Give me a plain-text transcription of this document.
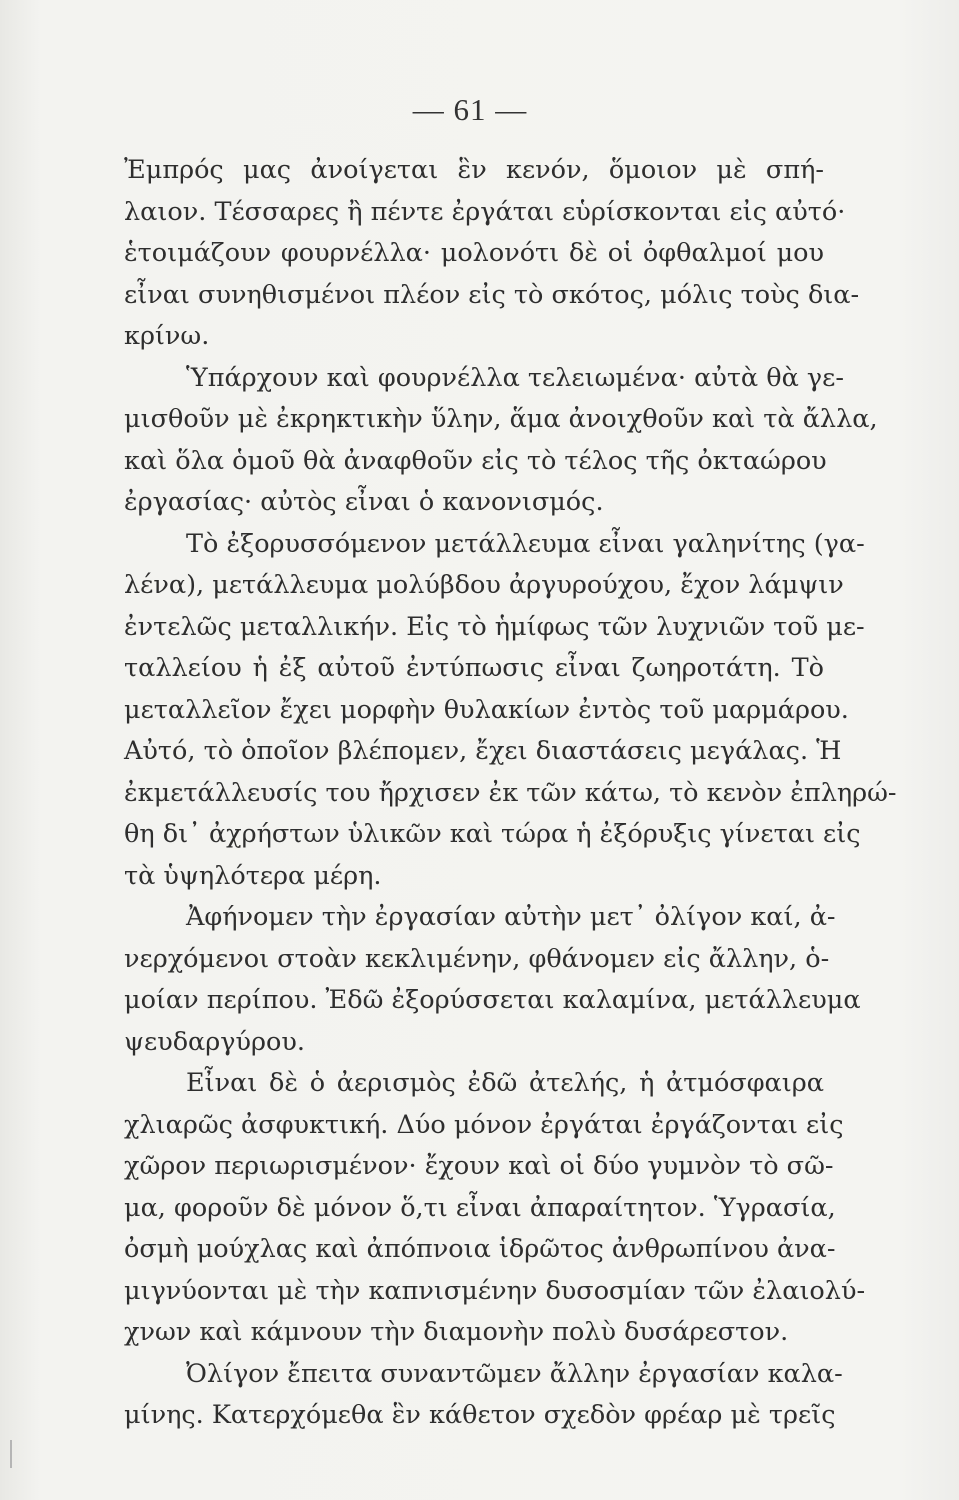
— 61 —
Ἐμπρός μας ἀνοίγεται ἓν κενόν, ὅμοιον μὲ σπή-
λαιον. Τέσσαρες ἢ πέντε ἐργάται εὑρίσκονται εἰς αὐτό·
ἑτοιμάζουν φουρνέλλα· μολονότι δὲ οἱ ὀφθαλμοί μου
εἶναι συνηθισμένοι πλέον εἰς τὸ σκότος, μόλις τοὺς δια-
κρίνω.
Ὑπάρχουν καὶ φουρνέλλα τελειωμένα· αὐτὰ θὰ γε-
μισθοῦν μὲ ἐκρηκτικὴν ὕλην, ἅμα ἀνοιχθοῦν καὶ τὰ ἄλλα,
καὶ ὅλα ὁμοῦ θὰ ἀναφθοῦν εἰς τὸ τέλος τῆς ὀκταώρου
ἐργασίας· αὐτὸς εἶναι ὁ κανονισμός.
Τὸ ἐξορυσσόμενον μετάλλευμα εἶναι γαληνίτης (γα-
λένα), μετάλλευμα μολύβδου ἀργυρούχου, ἔχον λάμψιν
ἐντελῶς μεταλλικήν. Εἰς τὸ ἡμίφως τῶν λυχνιῶν τοῦ με-
ταλλείου ἡ ἐξ αὐτοῦ ἐντύπωσις εἶναι ζωηροτάτη. Τὸ
μεταλλεῖον ἔχει μορφὴν θυλακίων ἐντὸς τοῦ μαρμάρου.
Αὐτό, τὸ ὁποῖον βλέπομεν, ἔχει διαστάσεις μεγάλας. Ἡ
ἐκμετάλλευσίς του ἤρχισεν ἐκ τῶν κάτω, τὸ κενὸν ἐπληρώ-
θη δι᾽ ἀχρήστων ὑλικῶν καὶ τώρα ἡ ἐξόρυξις γίνεται εἰς
τὰ ὑψηλότερα μέρη.
Ἀφήνομεν τὴν ἐργασίαν αὐτὴν μετ᾽ ὀλίγον καί, ἀ-
νερχόμενοι στοὰν κεκλιμένην, φθάνομεν εἰς ἄλλην, ὁ-
μοίαν περίπου. Ἐδῶ ἐξορύσσεται καλαμίνα, μετάλλευμα
ψευδαργύρου.
Εἶναι δὲ ὁ ἀερισμὸς ἐδῶ ἀτελής, ἡ ἀτμόσφαιρα
χλιαρῶς ἀσφυκτική. Δύο μόνον ἐργάται ἐργάζονται εἰς
χῶρον περιωρισμένον· ἔχουν καὶ οἱ δύο γυμνὸν τὸ σῶ-
μα, φοροῦν δὲ μόνον ὅ,τι εἶναι ἀπαραίτητον. Ὑγρασία,
ὀσμὴ μούχλας καὶ ἀπόπνοια ἱδρῶτος ἀνθρωπίνου ἀνα-
μιγνύονται μὲ τὴν καπνισμένην δυσοσμίαν τῶν ἐλαιολύ-
χνων καὶ κάμνουν τὴν διαμονὴν πολὺ δυσάρεστον.
Ὀλίγον ἔπειτα συναντῶμεν ἄλλην ἐργασίαν καλα-
μίνης. Κατερχόμεθα ἓν κάθετον σχεδὸν φρέαρ μὲ τρεῖς
